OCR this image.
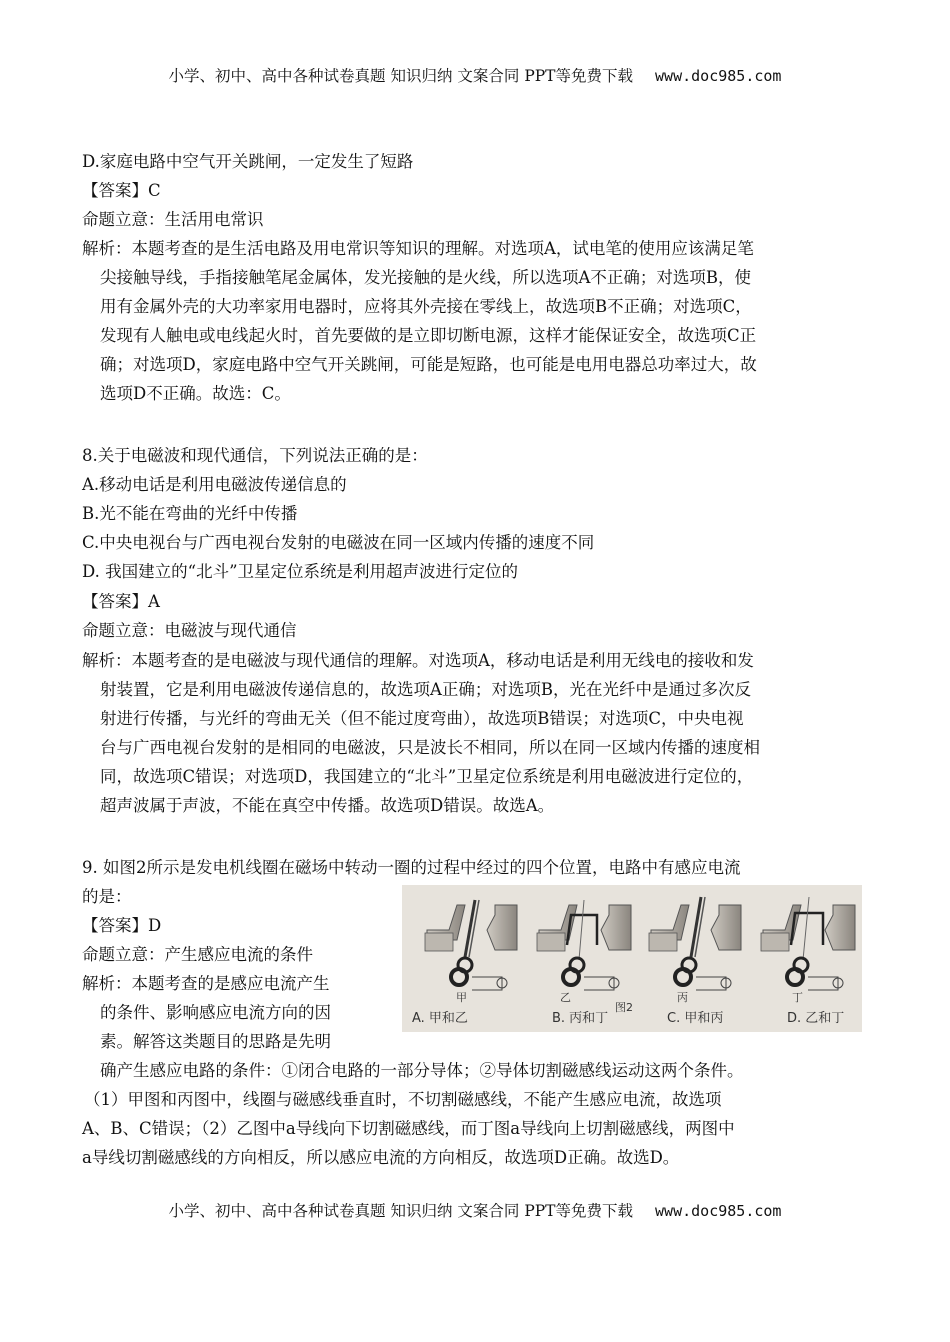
小学、初中、高中各种试卷真题 知识归纳 文案合同 PPT等免费下载 www.doc985.com
D.家庭电路中空气开关跳闸，一定发生了短路
【答案】C
命题立意：生活用电常识
解析：本题考查的是生活电路及用电常识等知识的理解。对选项A，试电笔的使用应该满足笔
尖接触导线，手指接触笔尾金属体，发光接触的是火线，所以选项A不正确；对选项B，使
用有金属外壳的大功率家用电器时，应将其外壳接在零线上，故选项B不正确；对选项C，
发现有人触电或电线起火时，首先要做的是立即切断电源，这样才能保证安全，故选项C正
确；对选项D，家庭电路中空气开关跳闸，可能是短路，也可能是电用电器总功率过大，故
选项D不正确。故选：C。
8.关于电磁波和现代通信，下列说法正确的是：
A.移动电话是利用电磁波传递信息的
B.光不能在弯曲的光纤中传播
C.中央电视台与广西电视台发射的电磁波在同一区域内传播的速度不同
D. 我国建立的“北斗”卫星定位系统是利用超声波进行定位的
【答案】A
命题立意：电磁波与现代通信
解析：本题考查的是电磁波与现代通信的理解。对选项A，移动电话是利用无线电的接收和发
射装置，它是利用电磁波传递信息的，故选项A正确；对选项B，光在光纤中是通过多次反
射进行传播，与光纤的弯曲无关（但不能过度弯曲），故选项B错误；对选项C，中央电视
台与广西电视台发射的是相同的电磁波，只是波长不相同，所以在同一区域内传播的速度相
同，故选项C错误；对选项D，我国建立的“北斗”卫星定位系统是利用电磁波进行定位的，
超声波属于声波，不能在真空中传播。故选项D错误。故选A。
9. 如图2所示是发电机线圈在磁场中转动一圈的过程中经过的四个位置，电路中有感应电流
的是：
【答案】D
命题立意：产生感应电流的条件
解析：本题考查的是感应电流产生
的条件、影响感应电流方向的因
素。解答这类题目的思路是先明
确产生感应电路的条件：①闭合电路的一部分导体；②导体切割磁感线运动这两个条件。
（1）甲图和丙图中，线圈与磁感线垂直时，不切割磁感线，不能产生感应电流，故选项
A、B、C错误；（2）乙图中a导线向下切割磁感线，而丁图a导线向上切割磁感线，两图中
a导线切割磁感线的方向相反，所以感应电流的方向相反，故选项D正确。故选D。
甲	乙
图2
丙	丁
A. 甲和乙	B. 丙和丁	C. 甲和丙	D. 乙和丁
小学、初中、高中各种试卷真题 知识归纳 文案合同 PPT等免费下载 www.doc985.com
